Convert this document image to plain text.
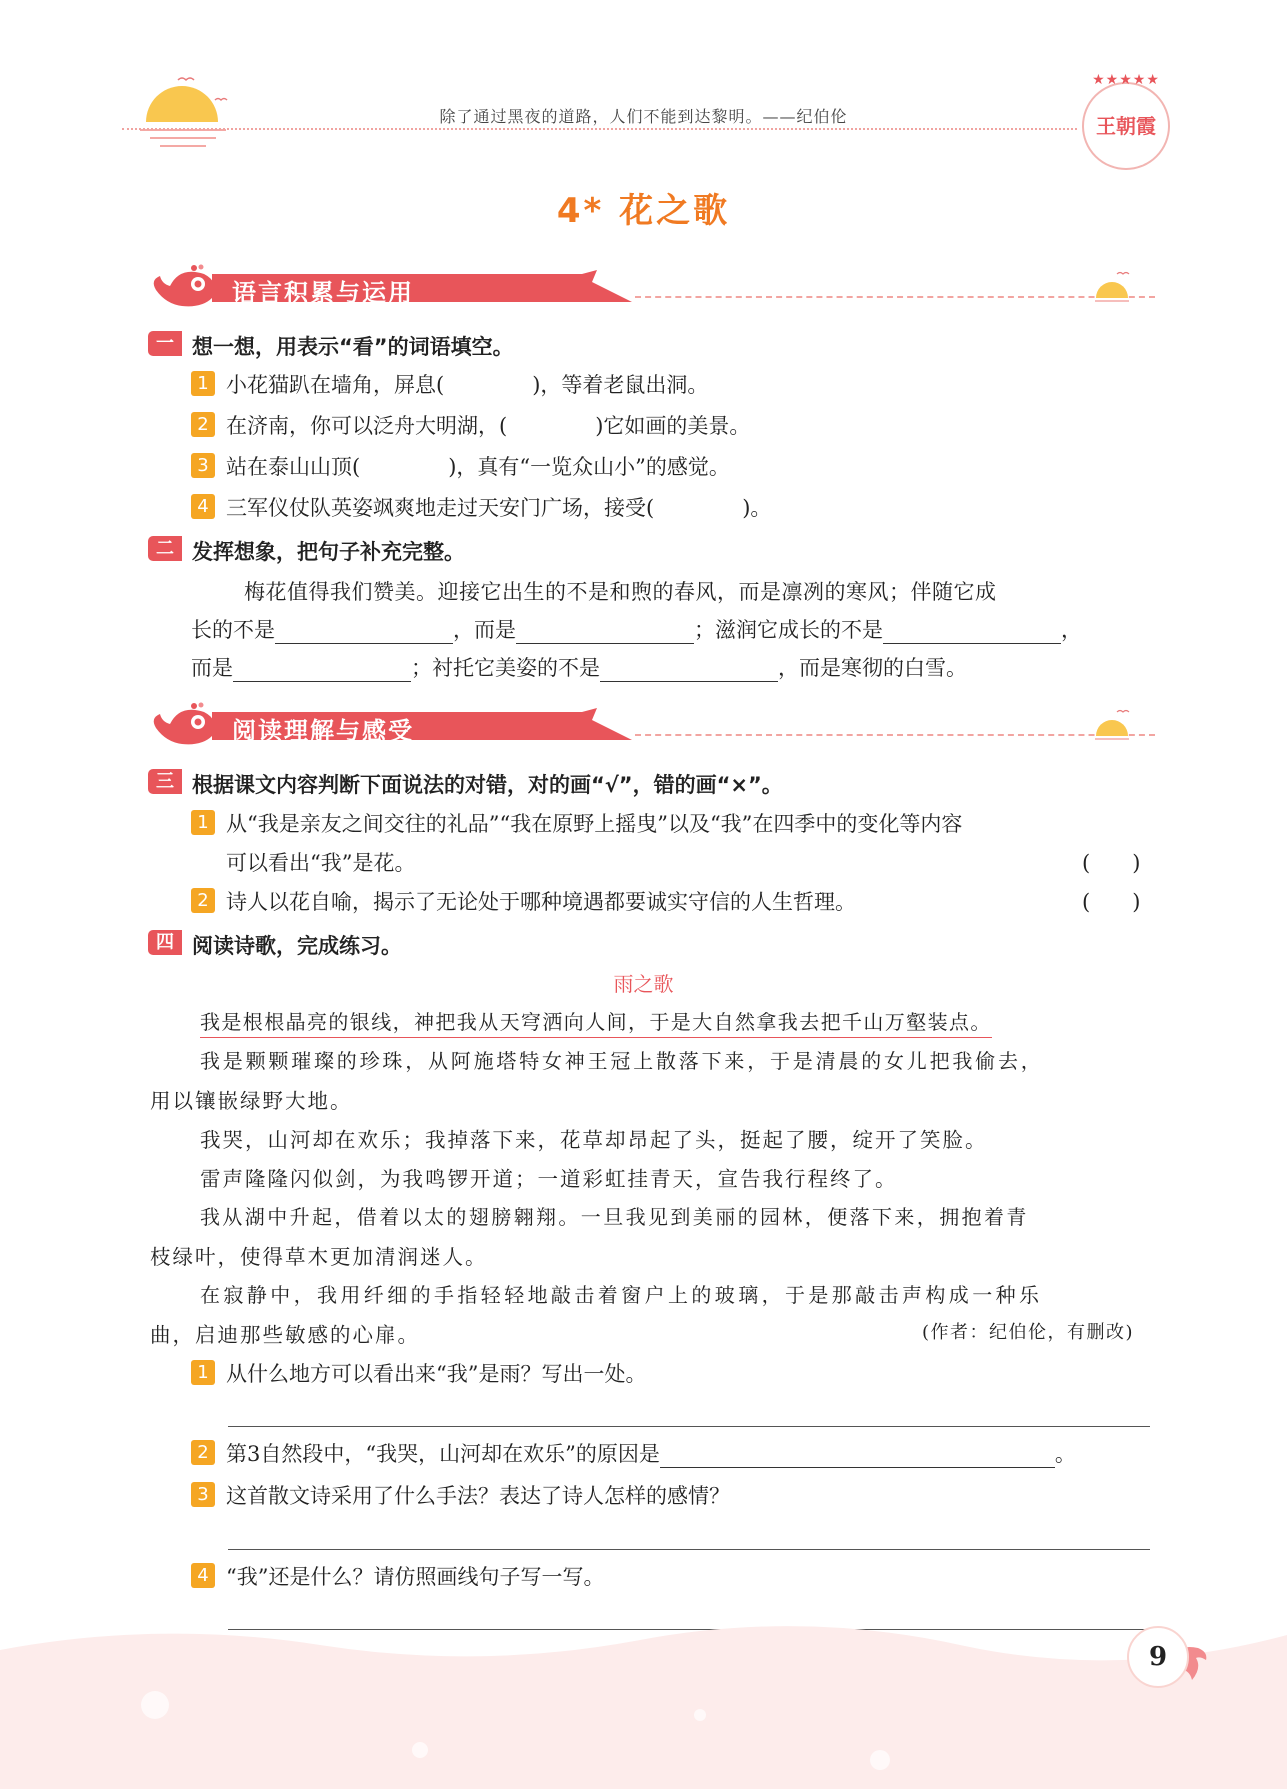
除了通过黑夜的道路，人们不能到达黎明。——纪伯伦
★★★★★
王朝霞
4* 花之歌
语言积累与运用
一 想一想，用表示“看”的词语填空。
1 小花猫趴在墙角，屏息(	)，等着老鼠出洞。
2 在济南，你可以泛舟大明湖，(	)它如画的美景。
3 站在泰山山顶(	)，真有“一览众山小”的感觉。
4 三军仪仗队英姿飒爽地走过天安门广场，接受(	)。
二 发挥想象，把句子补充完整。
梅花值得我们赞美。迎接它出生的不是和煦的春风，而是凛冽的寒风；伴随它成
长的不是	，而是	；滋润它成长的不是	，
而是	；衬托它美姿的不是	，而是寒彻的白雪。
阅读理解与感受
三 根据课文内容判断下面说法的对错，对的画“√”，错的画“×”。
1 从“我是亲友之间交往的礼品”“我在原野上摇曳”以及“我”在四季中的变化等内容
可以看出“我”是花。	(　　)
2 诗人以花自喻，揭示了无论处于哪种境遇都要诚实守信的人生哲理。	(　　)
四 阅读诗歌，完成练习。
雨之歌
我是根根晶亮的银线，神把我从天穹洒向人间，于是大自然拿我去把千山万壑装点。
我是颗颗璀璨的珍珠，从阿施塔特女神王冠上散落下来，于是清晨的女儿把我偷去，
用以镶嵌绿野大地。
我哭，山河却在欢乐；我掉落下来，花草却昂起了头，挺起了腰，绽开了笑脸。
雷声隆隆闪似剑，为我鸣锣开道；一道彩虹挂青天，宣告我行程终了。
我从湖中升起，借着以太的翅膀翱翔。一旦我见到美丽的园林，便落下来，拥抱着青
枝绿叶，使得草木更加清润迷人。
在寂静中，我用纤细的手指轻轻地敲击着窗户上的玻璃，于是那敲击声构成一种乐
曲，启迪那些敏感的心扉。	(作者：纪伯伦，有删改)
1 从什么地方可以看出来“我”是雨？写出一处。
2 第3自然段中，“我哭，山河却在欢乐”的原因是	。
3 这首散文诗采用了什么手法？表达了诗人怎样的感情？
4 “我”还是什么？请仿照画线句子写一写。
9
